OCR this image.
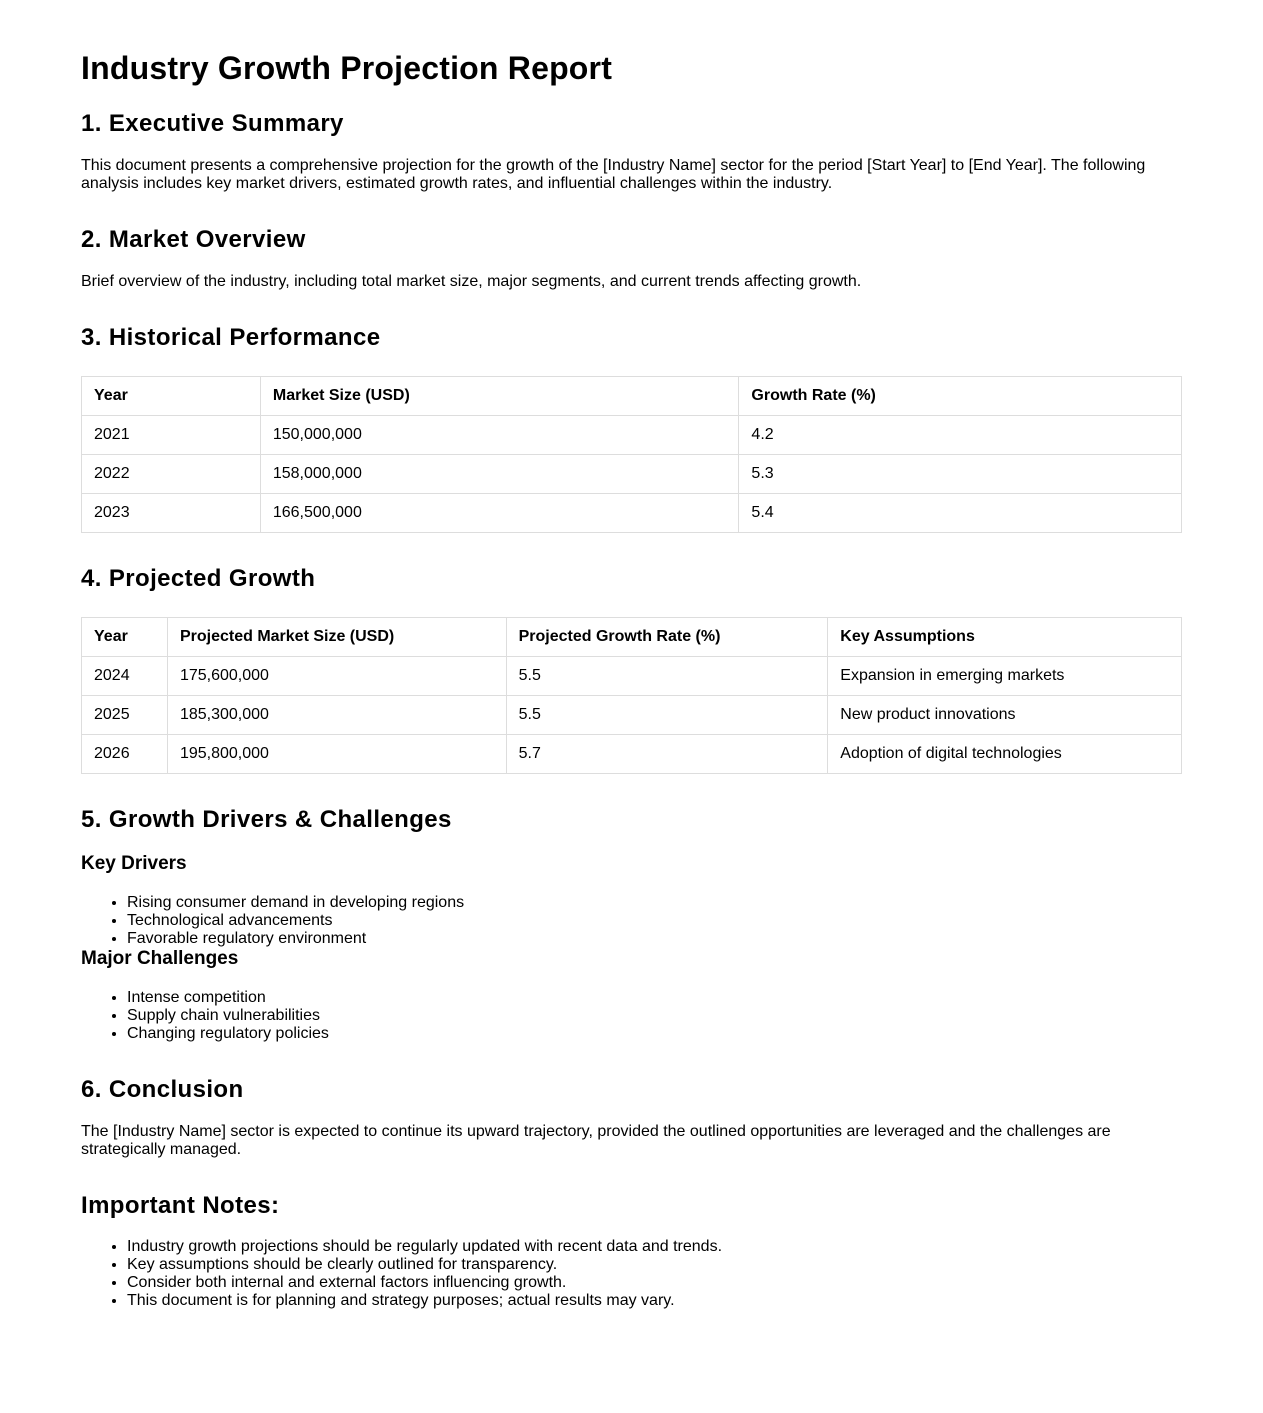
Industry Growth Projection Report
1. Executive Summary

This document presents a comprehensive projection for the growth of the [Industry Name] sector for the period [Start Year] to [End Year]. The following analysis includes key market drivers, estimated growth rates, and influential challenges within the industry.

2. Market Overview

Brief overview of the industry, including total market size, major segments, and current trends affecting growth.

3. Historical Performance
Year	Market Size (USD)	Growth Rate (%)
2021	150,000,000	4.2
2022	158,000,000	5.3
2023	166,500,000	5.4
4. Projected Growth
Year	Projected Market Size (USD)	Projected Growth Rate (%)	Key Assumptions
2024	175,600,000	5.5	Expansion in emerging markets
2025	185,300,000	5.5	New product innovations
2026	195,800,000	5.7	Adoption of digital technologies
5. Growth Drivers & Challenges
Key Drivers
• Rising consumer demand in developing regions
• Technological advancements
• Favorable regulatory environment
Major Challenges
• Intense competition
• Supply chain vulnerabilities
• Changing regulatory policies
6. Conclusion

The [Industry Name] sector is expected to continue its upward trajectory, provided the outlined opportunities are leveraged and the challenges are strategically managed.

Important Notes:
• Industry growth projections should be regularly updated with recent data and trends.
• Key assumptions should be clearly outlined for transparency.
• Consider both internal and external factors influencing growth.
• This document is for planning and strategy purposes; actual results may vary.
